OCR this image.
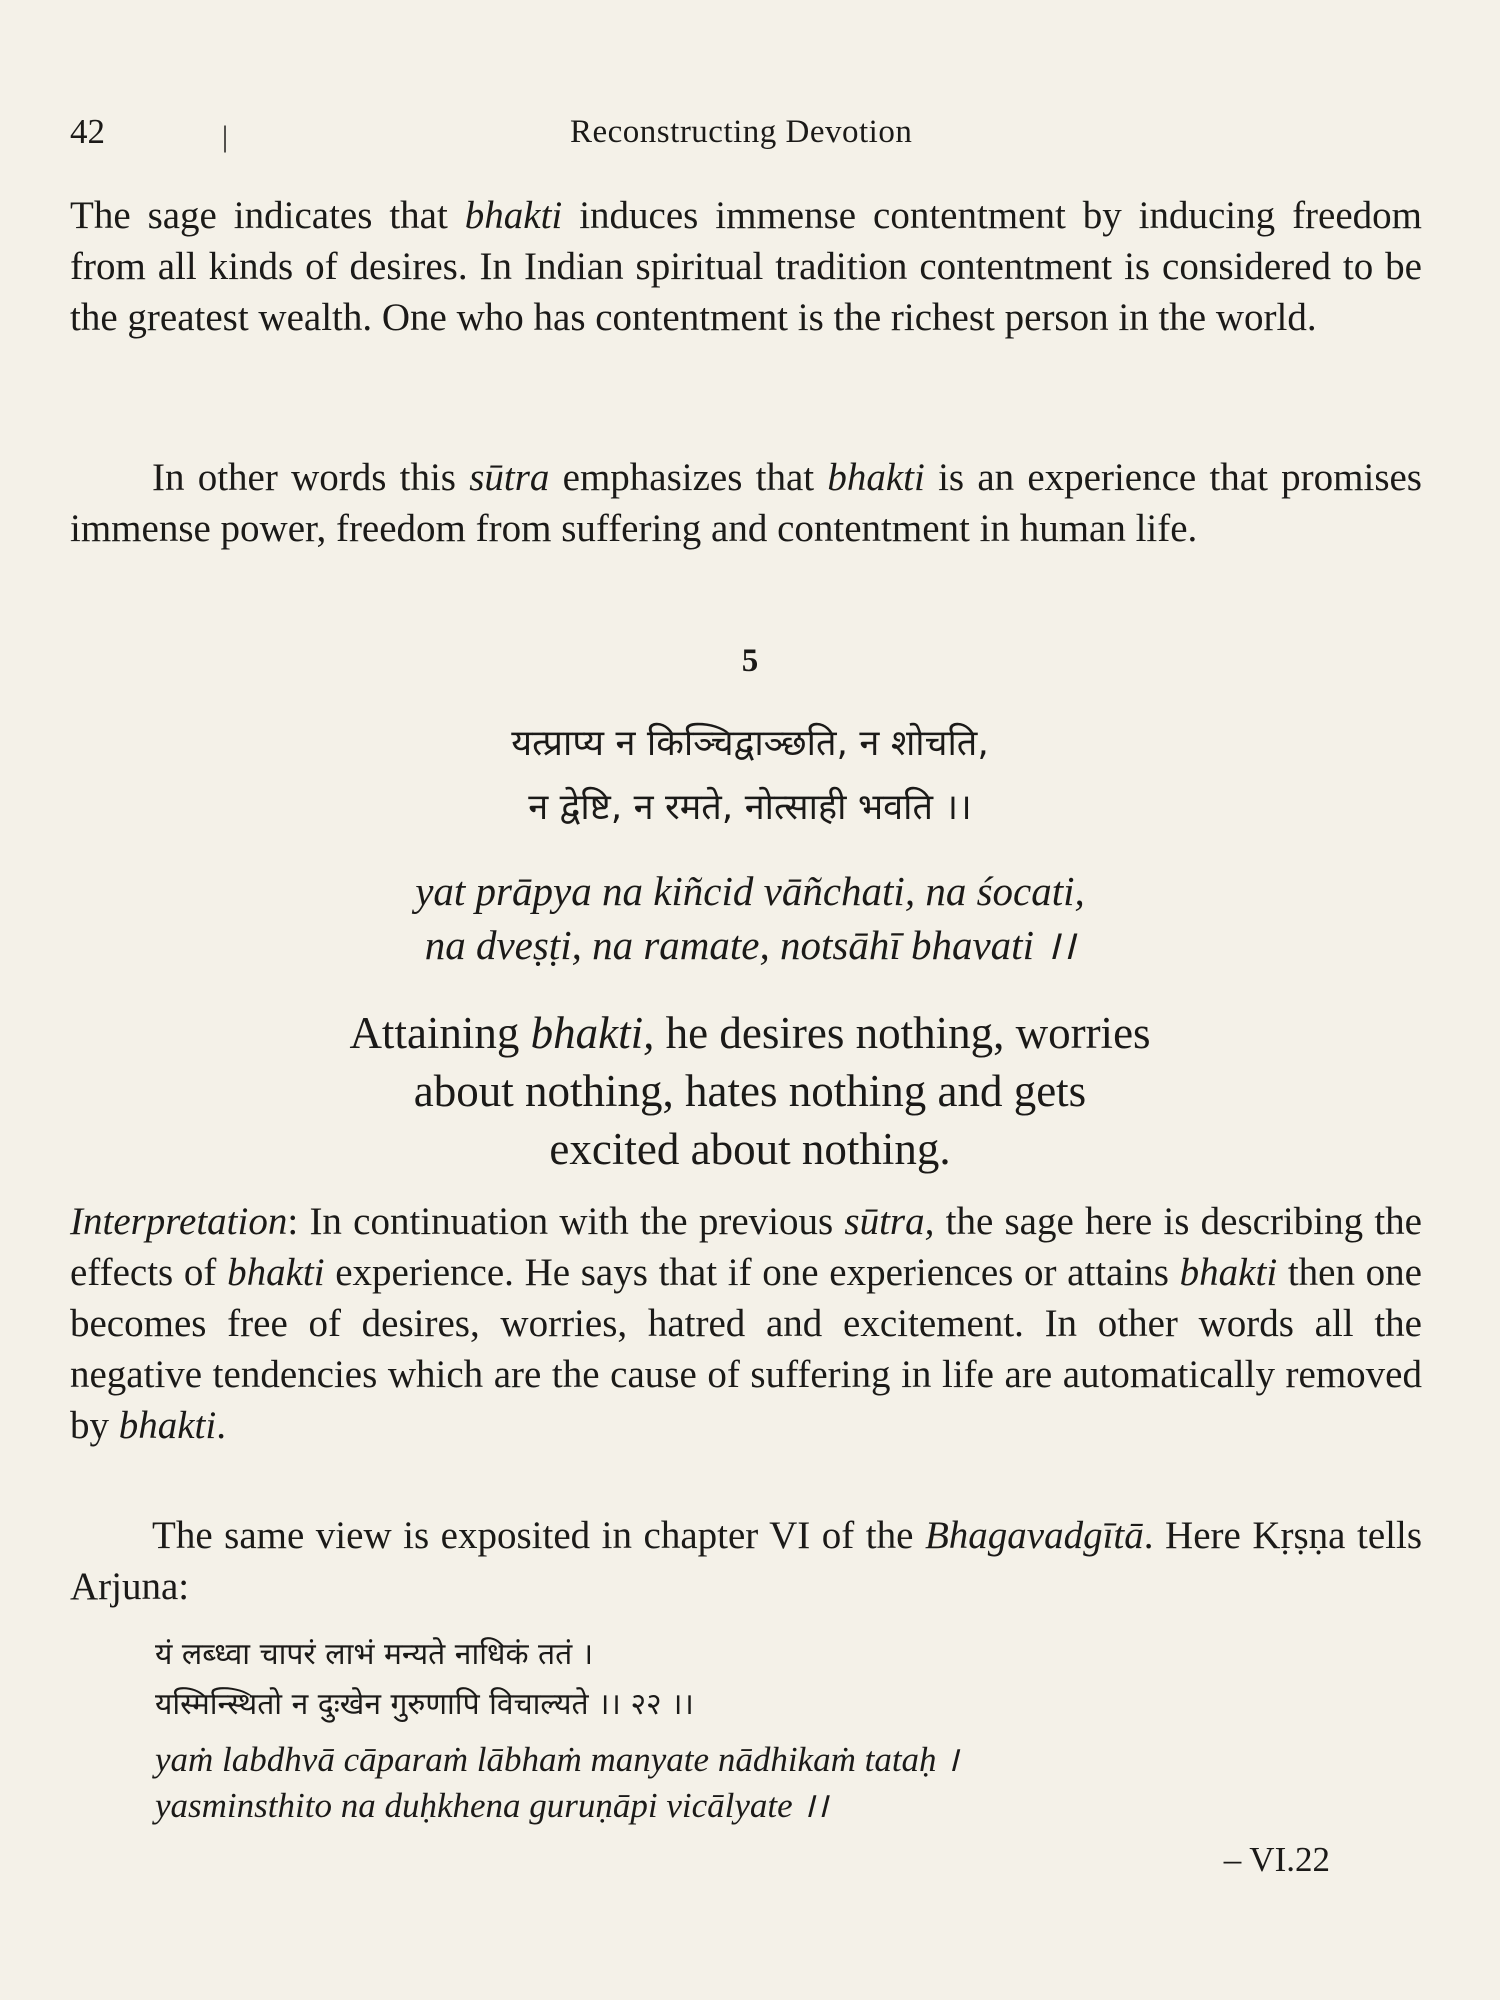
42	|	Reconstructing Devotion

The sage indicates that bhakti induces immense contentment by inducing freedom from all kinds of desires. In Indian spiritual tradition contentment is considered to be the greatest wealth. One who has contentment is the richest person in the world.

In other words this sūtra emphasizes that bhakti is an experience that promises immense power, freedom from suffering and contentment in human life.

5
यत्प्राप्य न किञ्चिद्वाञ्छति, न शोचति,
न द्वेष्टि, न रमते, नोत्साही भवति ।।
yat prāpya na kiñcid vāñchati, na śocati,
na dveṣṭi, na ramate, notsāhī bhavati ।।
Attaining bhakti, he desires nothing, worries
about nothing, hates nothing and gets
excited about nothing.

Interpretation: In continuation with the previous sūtra, the sage here is describing the effects of bhakti experience. He says that if one experiences or attains bhakti then one becomes free of desires, worries, hatred and excitement. In other words all the negative tendencies which are the cause of suffering in life are automatically removed by bhakti.

The same view is exposited in chapter VI of the Bhagavadgītā. Here Kṛṣṇa tells Arjuna:

यं लब्ध्वा चापरं लाभं मन्यते नाधिकं ततं ।
यस्मिन्स्थितो न दुःखेन गुरुणापि विचाल्यते ।। २२ ।।
yaṁ labdhvā cāparaṁ lābhaṁ manyate nādhikaṁ tataḥ ।
yasminsthito na duḥkhena guruṇāpi vicālyate ।।
– VI.22
